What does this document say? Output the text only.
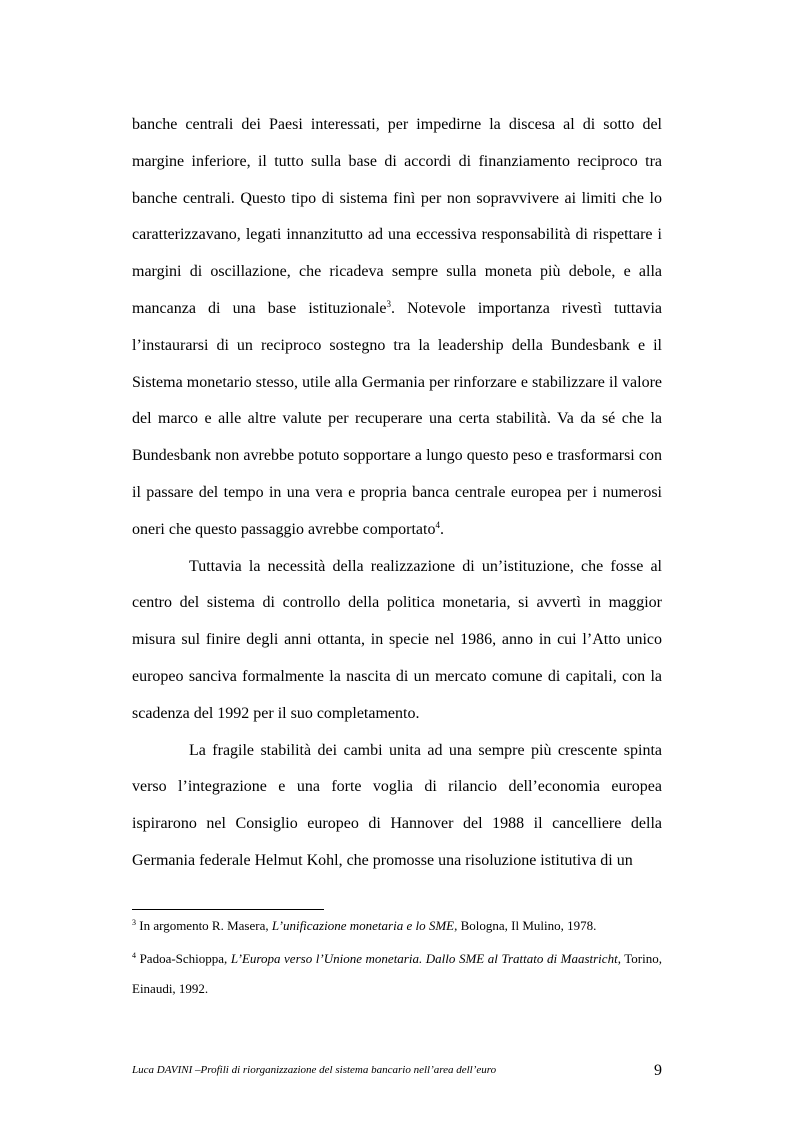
banche centrali dei Paesi interessati, per impedirne la discesa al di sotto del margine inferiore, il tutto sulla base di accordi di finanziamento reciproco tra banche centrali. Questo tipo di sistema finì per non sopravvivere ai limiti che lo caratterizzavano, legati innanzitutto ad una eccessiva responsabilità di rispettare i margini di oscillazione, che ricadeva sempre sulla moneta più debole, e alla mancanza di una base istituzionale$^3$. Notevole importanza rivestì tuttavia l’instaurarsi di un reciproco sostegno tra la leadership della Bundesbank e il Sistema monetario stesso, utile alla Germania per rinforzare e stabilizzare il valore del marco e alle altre valute per recuperare una certa stabilità. Va da sé che la Bundesbank non avrebbe potuto sopportare a lungo questo peso e trasformarsi con il passare del tempo in una vera e propria banca centrale europea per i numerosi oneri che questo passaggio avrebbe comportato$^4$.

Tuttavia la necessità della realizzazione di un’istituzione, che fosse al centro del sistema di controllo della politica monetaria, si avvertì in maggior misura sul finire degli anni ottanta, in specie nel 1986, anno in cui l’Atto unico europeo sanciva formalmente la nascita di un mercato comune di capitali, con la scadenza del 1992 per il suo completamento.

La fragile stabilità dei cambi unita ad una sempre più crescente spinta verso l’integrazione e una forte voglia di rilancio dell’economia europea ispirarono nel Consiglio europeo di Hannover del 1988 il cancelliere della Germania federale Helmut Kohl, che promosse una risoluzione istitutiva di un

$^3$ In argomento R. Masera, L’unificazione monetaria e lo SME, Bologna, Il Mulino, 1978.

$^4$ Padoa-Schioppa, L’Europa verso l’Unione monetaria. Dallo SME al Trattato di Maastricht, Torino, Einaudi, 1992.

Luca DAVINI –Profili di riorganizzazione del sistema bancario nell’area dell’euro	9
